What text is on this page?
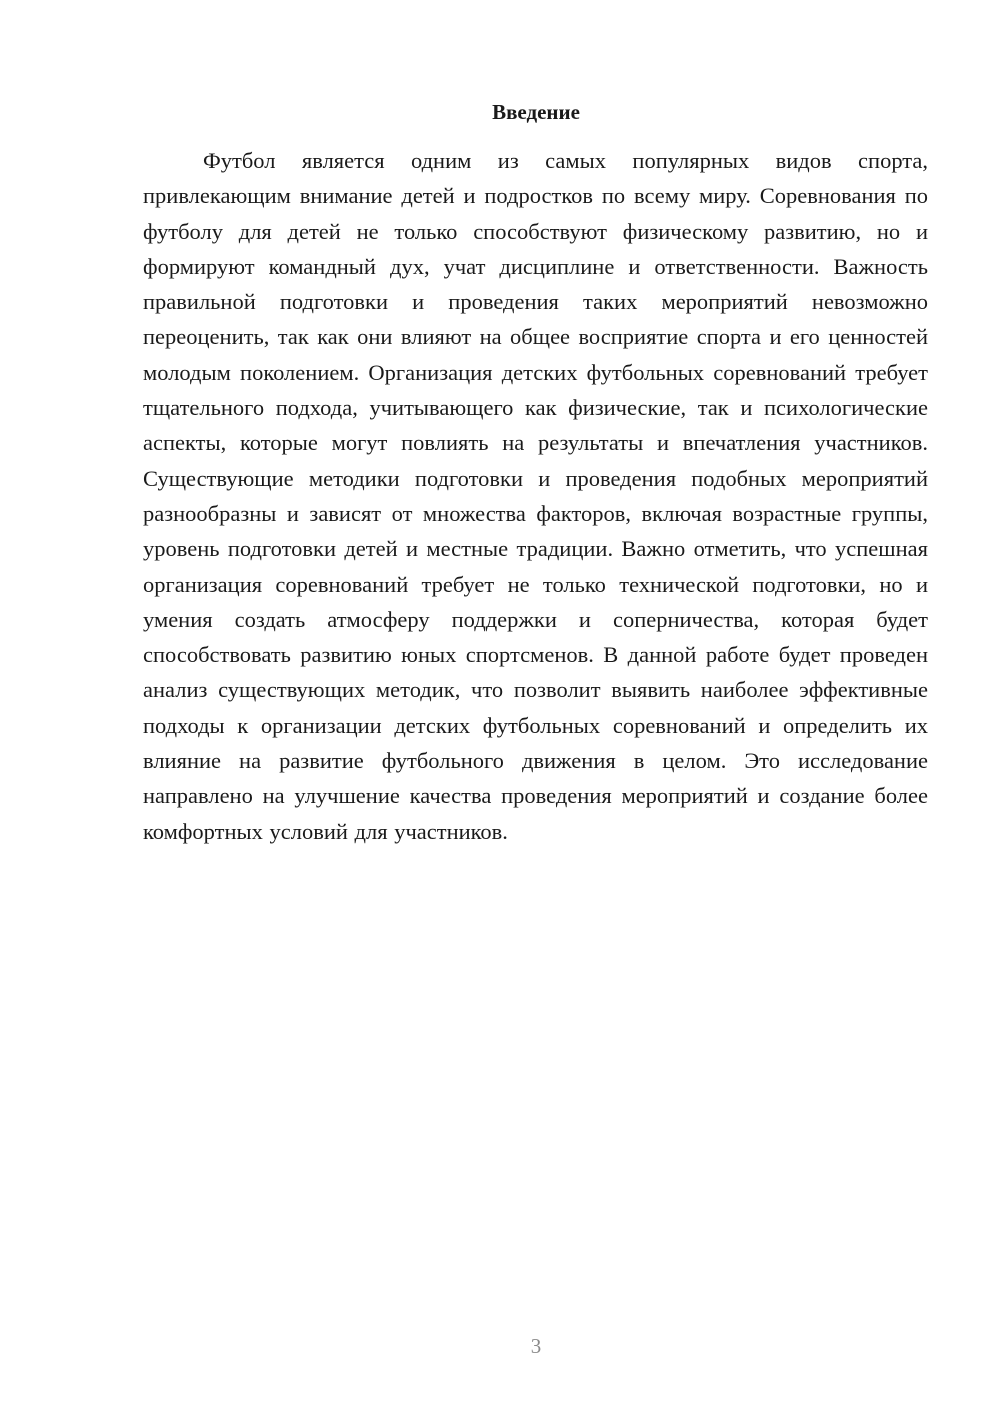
Введение

Футбол является одним из самых популярных видов спорта, привлекающим внимание детей и подростков по всему миру. Соревнования по футболу для детей не только способствуют физическому развитию, но и формируют командный дух, учат дисциплине и ответственности. Важность правильной подготовки и проведения таких мероприятий невозможно переоценить, так как они влияют на общее восприятие спорта и его ценностей молодым поколением. Организация детских футбольных соревнований требует тщательного подхода, учитывающего как физические, так и психологические аспекты, которые могут повлиять на результаты и впечатления участников. Существующие методики подготовки и проведения подобных мероприятий разнообразны и зависят от множества факторов, включая возрастные группы, уровень подготовки детей и местные традиции. Важно отметить, что успешная организация соревнований требует не только технической подготовки, но и умения создать атмосферу поддержки и соперничества, которая будет способствовать развитию юных спортсменов. В данной работе будет проведен анализ существующих методик, что позволит выявить наиболее эффективные подходы к организации детских футбольных соревнований и определить их влияние на развитие футбольного движения в целом. Это исследование направлено на улучшение качества проведения мероприятий и создание более комфортных условий для участников.

3
